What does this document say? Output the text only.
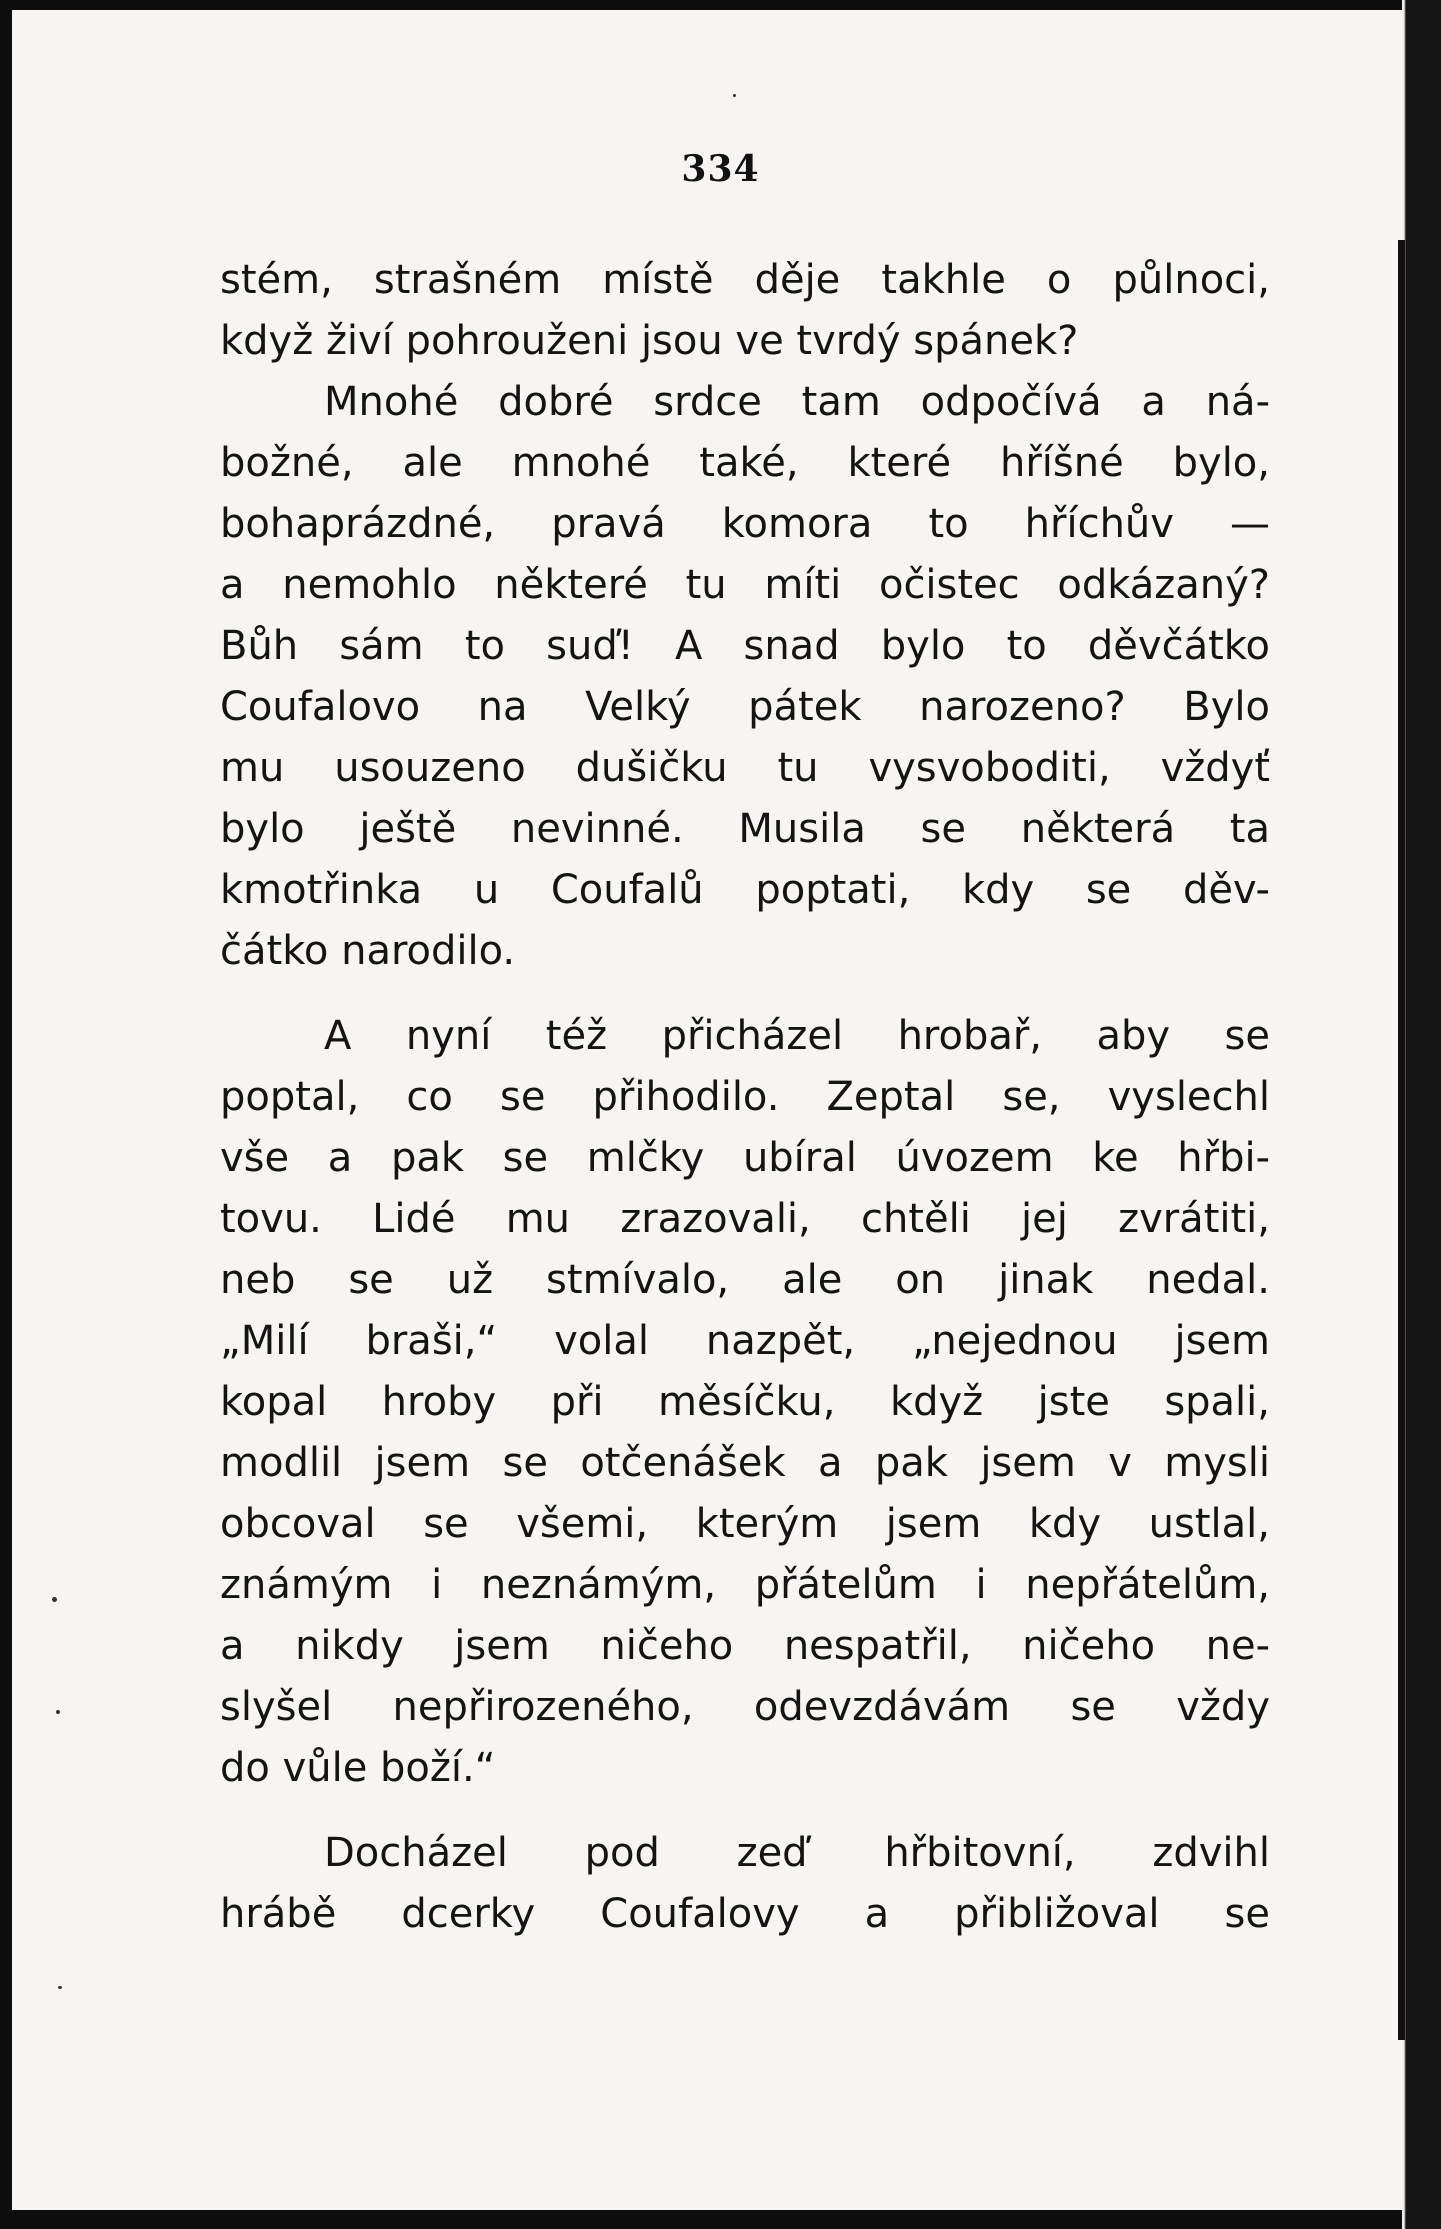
334
stém, strašném místě děje takhle o půlnoci,
když živí pohrouženi jsou ve tvrdý spánek?
Mnohé dobré srdce tam odpočívá a ná-
božné, ale mnohé také, které hříšné bylo,
bohaprázdné, pravá komora to hříchův —
a nemohlo některé tu míti očistec odkázaný?
Bůh sám to suď! A snad bylo to děvčátko
Coufalovo na Velký pátek narozeno? Bylo
mu usouzeno dušičku tu vysvoboditi, vždyť
bylo ještě nevinné. Musila se některá ta
kmotřinka u Coufalů poptati, kdy se děv-
čátko narodilo.
A nyní též přicházel hrobař, aby se
poptal, co se přihodilo. Zeptal se, vyslechl
vše a pak se mlčky ubíral úvozem ke hřbi-
tovu. Lidé mu zrazovali, chtěli jej zvrátiti,
neb se už stmívalo, ale on jinak nedal.
„Milí braši,“ volal nazpět, „nejednou jsem
kopal hroby při měsíčku, když jste spali,
modlil jsem se otčenášek a pak jsem v mysli
obcoval se všemi, kterým jsem kdy ustlal,
známým i neznámým, přátelům i nepřátelům,
a nikdy jsem ničeho nespatřil, ničeho ne-
slyšel nepřirozeného, odevzdávám se vždy
do vůle boží.“
Docházel pod zeď hřbitovní, zdvihl
hrábě dcerky Coufalovy a přibližoval se
